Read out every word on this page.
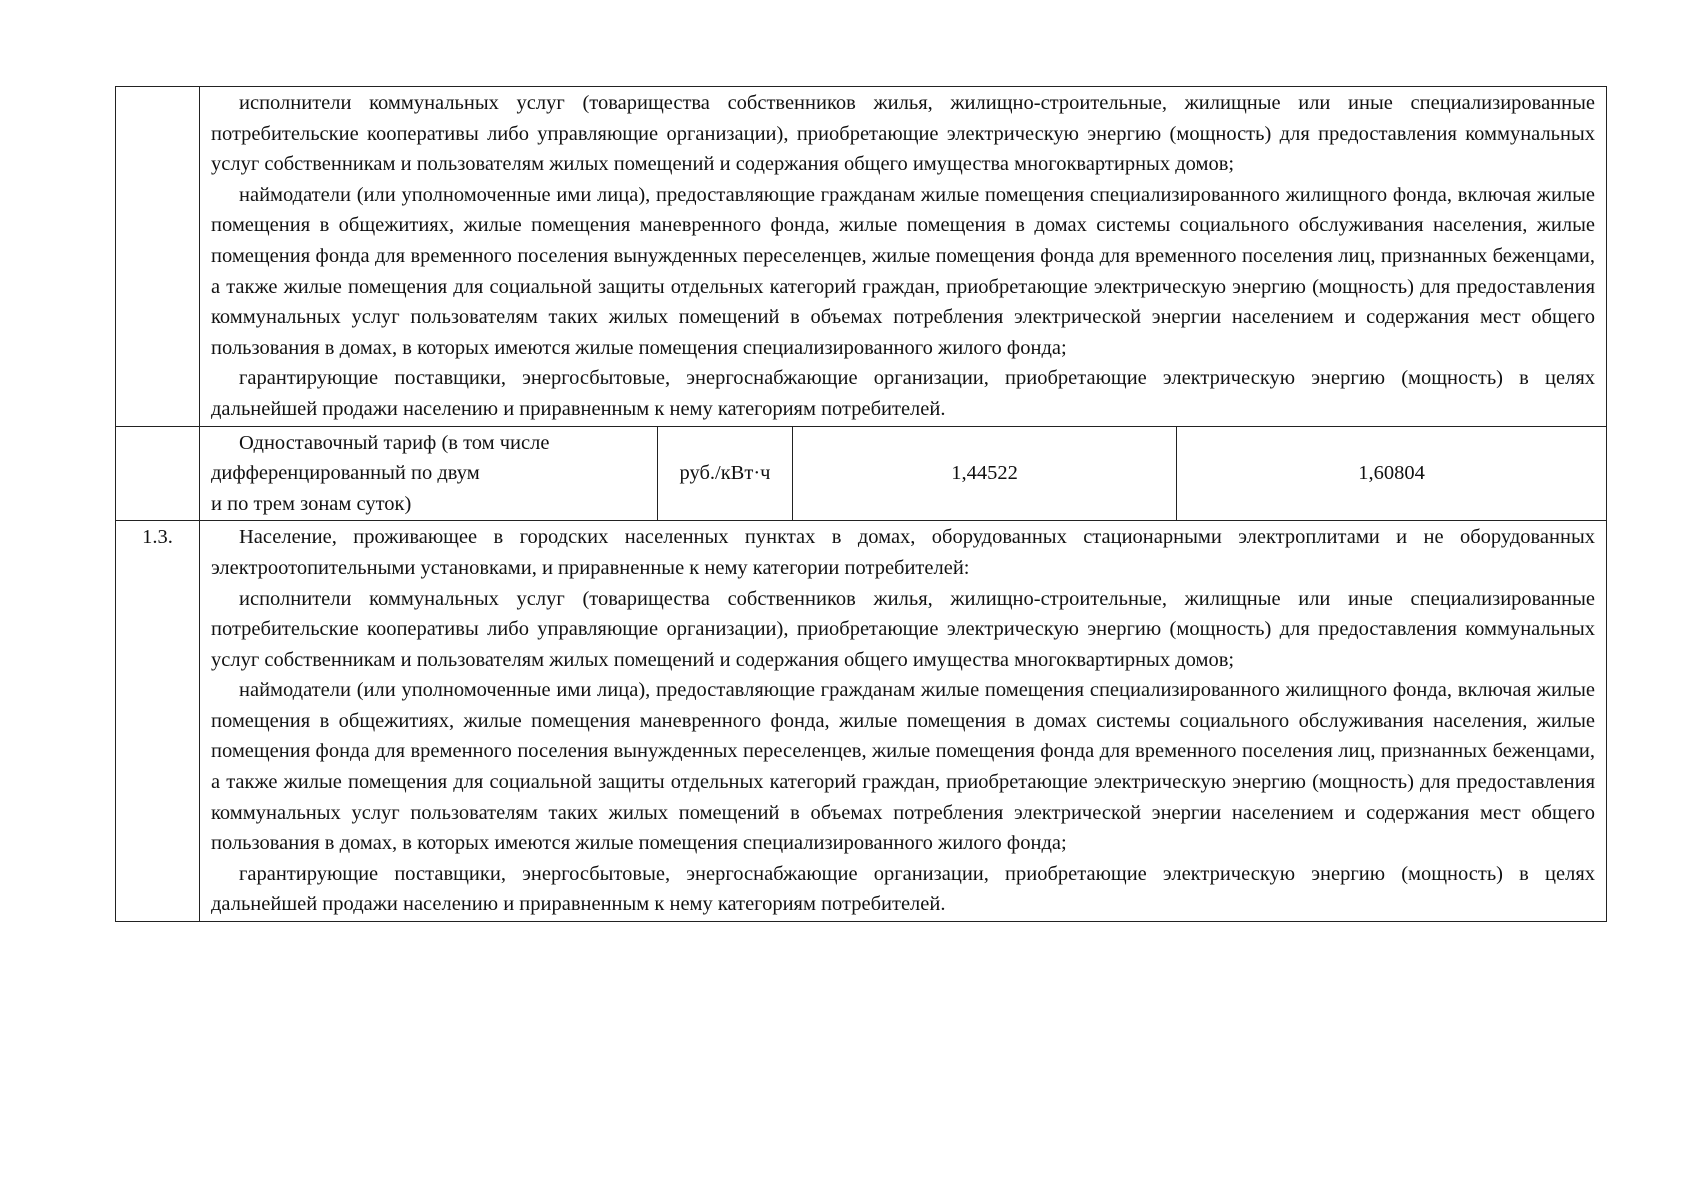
	исполнители коммунальных услуг (товарищества собственников жилья, жилищно-строительные, жилищные или иные специализированные потребительские кооперативы либо управляющие организации), приобретающие электрическую энергию (мощность) для предоставления коммунальных услуг собственникам и пользователям жилых помещений и содержания общего имущества многоквартирных домов;

наймодатели (или уполномоченные ими лица), предоставляющие гражданам жилые помещения специализированного жилищного фонда, включая жилые помещения в общежитиях, жилые помещения маневренного фонда, жилые помещения в домах системы социального обслуживания населения, жилые помещения фонда для временного поселения вынужденных переселенцев, жилые помещения фонда для временного поселения лиц, признанных беженцами, а также жилые помещения для социальной защиты отдельных категорий граждан, приобретающие электрическую энергию (мощность) для предоставления коммунальных услуг пользователям таких жилых помещений в объемах потребления электрической энергии населением и содержания мест общего пользования в домах, в которых имеются жилые помещения специализированного жилого фонда;

гарантирующие поставщики, энергосбытовые, энергоснабжающие организации, приобретающие электрическую энергию (мощность) в целях дальнейшей продажи населению и приравненным к нему категориям потребителей.			

	Одноставочный тариф (в том числе
дифференцированный по двум
и по трем зонам суток)	руб./кВт·ч	1,44522	1,60804
1.3.	Население, проживающее в городских населенных пунктах в домах, оборудованных стационарными электроплитами и не оборудованных электроотопительными установками, и приравненные к нему категории потребителей:

исполнители коммунальных услуг (товарищества собственников жилья, жилищно-строительные, жилищные или иные специализированные потребительские кооперативы либо управляющие организации), приобретающие электрическую энергию (мощность) для предоставления коммунальных услуг собственникам и пользователям жилых помещений и содержания общего имущества многоквартирных домов;

наймодатели (или уполномоченные ими лица), предоставляющие гражданам жилые помещения специализированного жилищного фонда, включая жилые помещения в общежитиях, жилые помещения маневренного фонда, жилые помещения в домах системы социального обслуживания населения, жилые помещения фонда для временного поселения вынужденных переселенцев, жилые помещения фонда для временного поселения лиц, признанных беженцами, а также жилые помещения для социальной защиты отдельных категорий граждан, приобретающие электрическую энергию (мощность) для предоставления коммунальных услуг пользователям таких жилых помещений в объемах потребления электрической энергии населением и содержания мест общего пользования в домах, в которых имеются жилые помещения специализированного жилого фонда;

гарантирующие поставщики, энергосбытовые, энергоснабжающие организации, приобретающие электрическую энергию (мощность) в целях дальнейшей продажи населению и приравненным к нему категориям потребителей.			
